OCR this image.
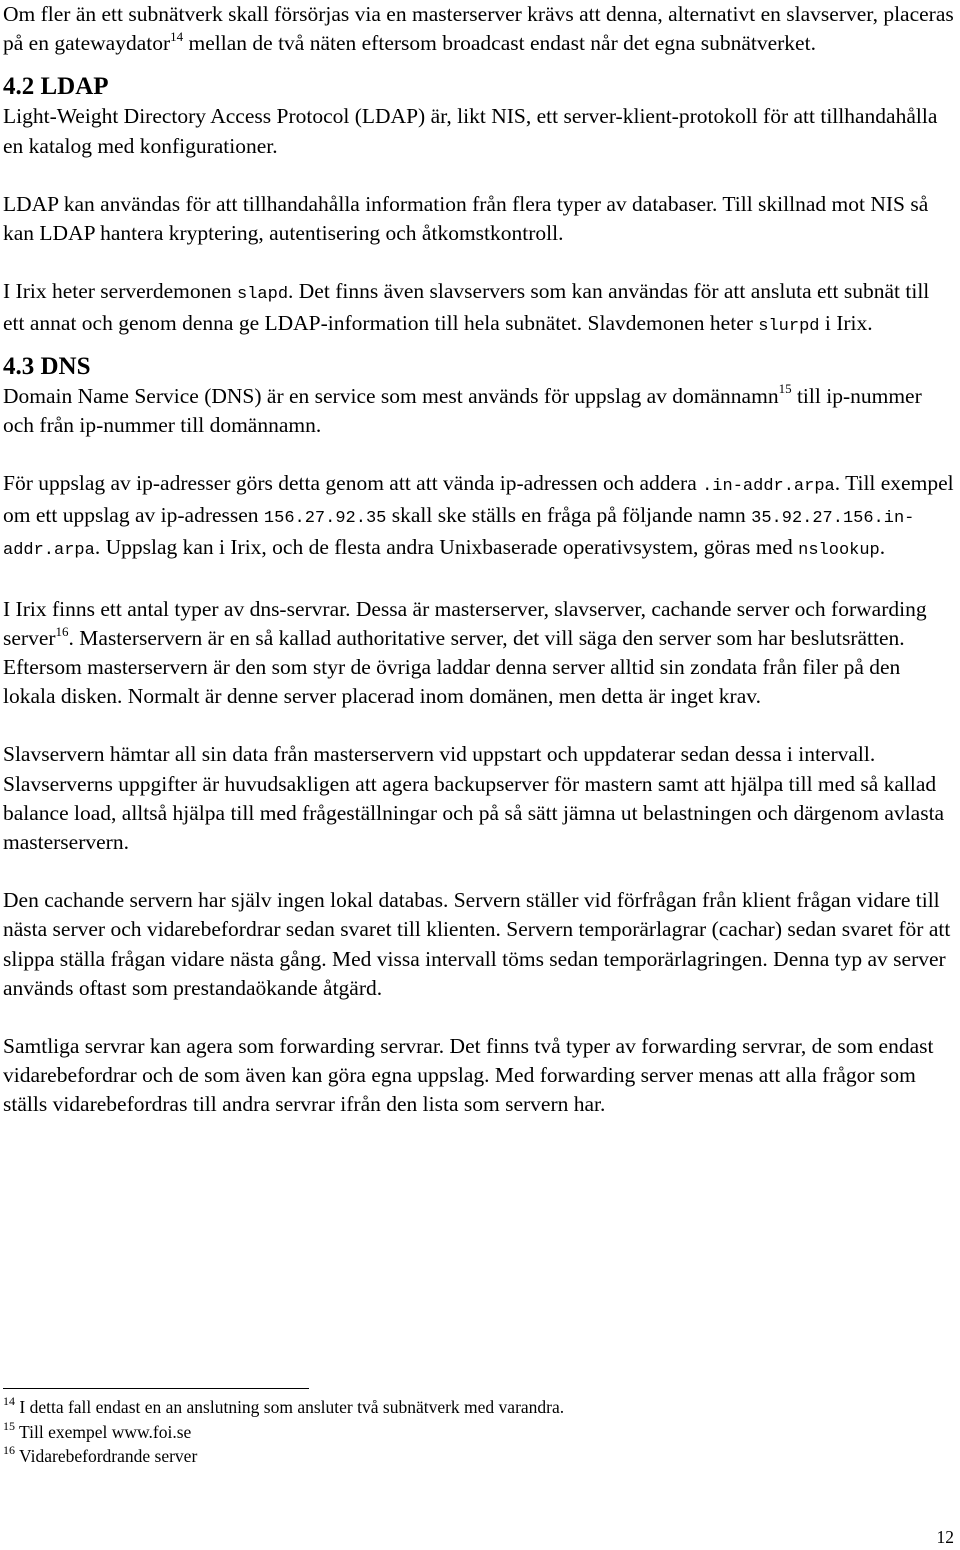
Om fler än ett subnätverk skall försörjas via en masterserver krävs att denna, alternativt en slavserver, placeras på en gatewaydator$^{14}$ mellan de två näten eftersom broadcast endast når det egna subnätverket.

4.2 LDAP

Light-Weight Directory Access Protocol (LDAP) är, likt NIS, ett server-klient-protokoll för att tillhandahålla en katalog med konfigurationer.

LDAP kan användas för att tillhandahålla information från flera typer av databaser. Till skillnad mot NIS så kan LDAP hantera kryptering, autentisering och åtkomstkontroll.

I Irix heter serverdemonen slapd. Det finns även slavservers som kan användas för att ansluta ett subnät till ett annat och genom denna ge LDAP-information till hela subnätet. Slavdemonen heter slurpd i Irix.

4.3 DNS

Domain Name Service (DNS) är en service som mest används för uppslag av domännamn$^{15}$ till ip-nummer och från ip-nummer till domännamn.

För uppslag av ip-adresser görs detta genom att att vända ip-adressen och addera .in-addr.arpa. Till exempel om ett uppslag av ip-adressen 156.27.92.35 skall ske ställs en fråga på följande namn 35.92.27.156.in-addr.arpa. Uppslag kan i Irix, och de flesta andra Unixbaserade operativsystem, göras med nslookup.

I Irix finns ett antal typer av dns-servrar. Dessa är masterserver, slavserver, cachande server och forwarding server$^{16}$. Masterservern är en så kallad authoritative server, det vill säga den server som har beslutsrätten. Eftersom masterservern är den som styr de övriga laddar denna server alltid sin zondata från filer på den lokala disken. Normalt är denne server placerad inom domänen, men detta är inget krav.

Slavservern hämtar all sin data från masterservern vid uppstart och uppdaterar sedan dessa i intervall. Slavserverns uppgifter är huvudsakligen att agera backupserver för mastern samt att hjälpa till med så kallad balance load, alltså hjälpa till med frågeställningar och på så sätt jämna ut belastningen och därgenom avlasta masterservern.

Den cachande servern har själv ingen lokal databas. Servern ställer vid förfrågan från klient frågan vidare till nästa server och vidarebefordrar sedan svaret till klienten. Servern temporärlagrar (cachar) sedan svaret för att slippa ställa frågan vidare nästa gång. Med vissa intervall töms sedan temporärlagringen. Denna typ av server används oftast som prestandaökande åtgärd.

Samtliga servrar kan agera som forwarding servrar. Det finns två typer av forwarding servrar, de som endast vidarebefordrar och de som även kan göra egna uppslag. Med forwarding server menas att alla frågor som ställs vidarebefordras till andra servrar ifrån den lista som servern har.

$^{14}$ I detta fall endast en an anslutning som ansluter två subnätverk med varandra.
$^{15}$ Till exempel www.foi.se
$^{16}$ Vidarebefordrande server
12
